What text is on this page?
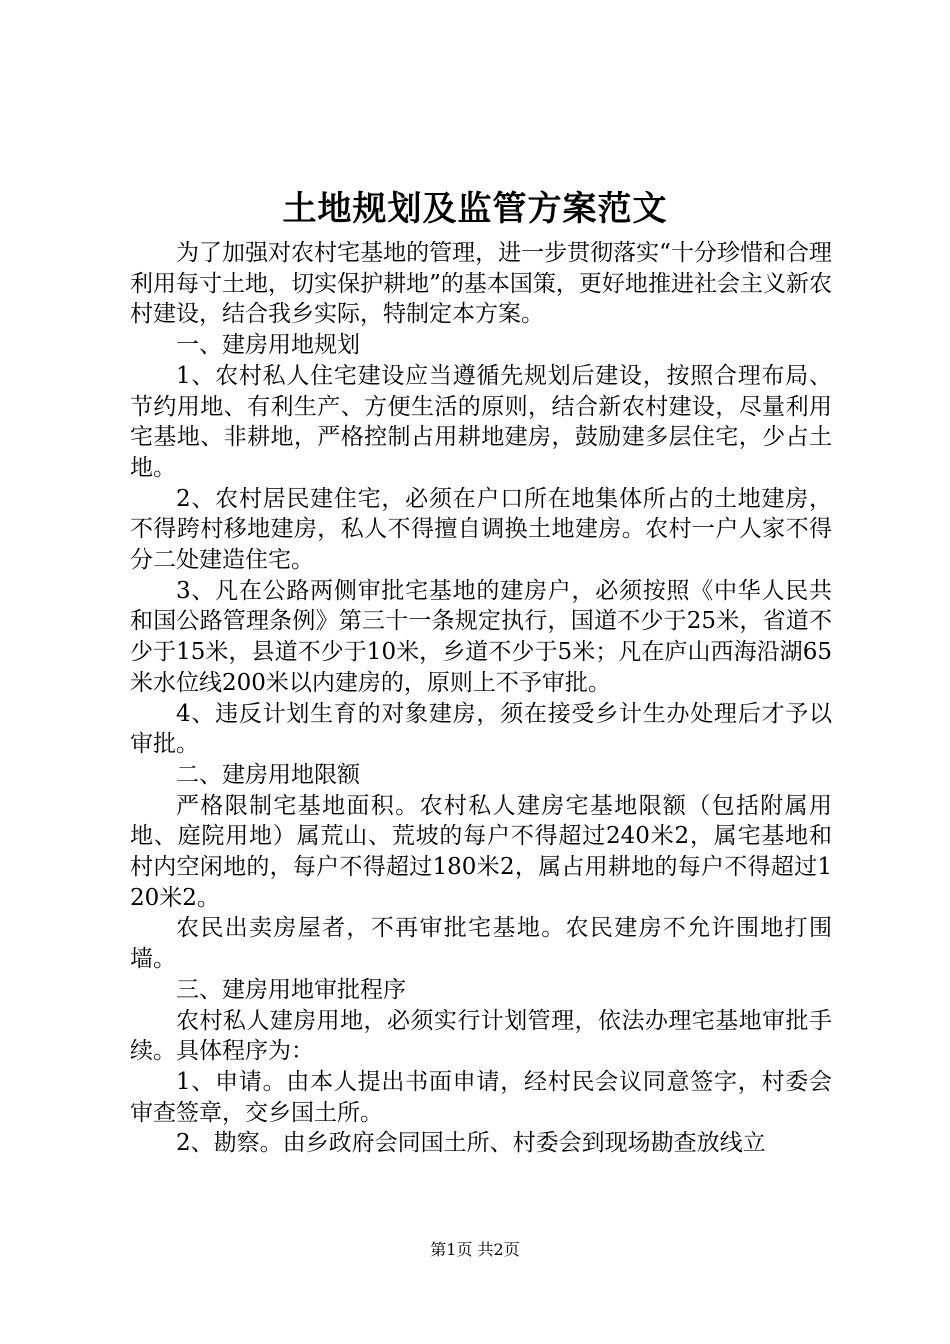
土地规划及监管方案范文

为了加强对农村宅基地的管理，进一步贯彻落实“十分珍惜和合理利用每寸土地，切实保护耕地”的基本国策，更好地推进社会主义新农村建设，结合我乡实际，特制定本方案。

一、建房用地规划

1、农村私人住宅建设应当遵循先规划后建设，按照合理布局、节约用地、有利生产、方便生活的原则，结合新农村建设，尽量利用宅基地、非耕地，严格控制占用耕地建房，鼓励建多层住宅，少占土地。

2、农村居民建住宅，必须在户口所在地集体所占的土地建房，不得跨村移地建房，私人不得擅自调换土地建房。农村一户人家不得分二处建造住宅。

3、凡在公路两侧审批宅基地的建房户，必须按照《中华人民共和国公路管理条例》第三十一条规定执行，国道不少于25米，省道不少于15米，县道不少于10米，乡道不少于5米；凡在庐山西海沿湖65米水位线200米以内建房的，原则上不予审批。

4、违反计划生育的对象建房，须在接受乡计生办处理后才予以审批。

二、建房用地限额

严格限制宅基地面积。农村私人建房宅基地限额（包括附属用地、庭院用地）属荒山、荒坡的每户不得超过240米2，属宅基地和村内空闲地的，每户不得超过180米2，属占用耕地的每户不得超过120米2。

农民出卖房屋者，不再审批宅基地。农民建房不允许围地打围墙。

三、建房用地审批程序

农村私人建房用地，必须实行计划管理，依法办理宅基地审批手续。具体程序为：

1、申请。由本人提出书面申请，经村民会议同意签字，村委会审查签章，交乡国土所。

2、勘察。由乡政府会同国土所、村委会到现场勘查放线立

第1页 共2页
